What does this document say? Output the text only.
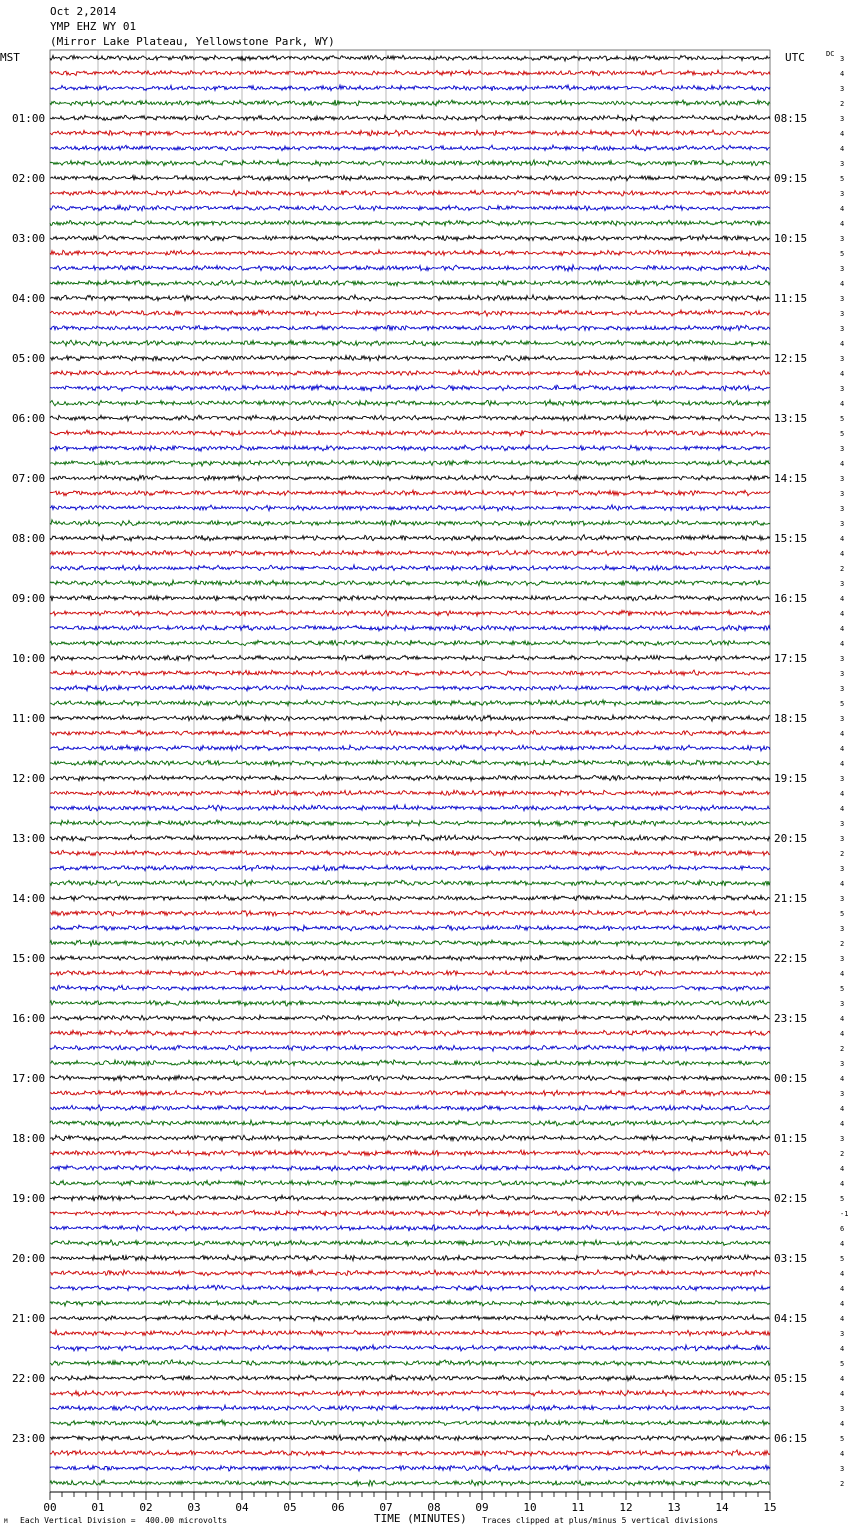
Oct 2,2014
YMP EHZ WY 01
(Mirror Lake Plateau, Yellowstone Park, WY)
MST	UTC	DC
00	01	02	03	04	05	06	07	08	09	10	11	12	13	14	15
3
4
3
2
3
4
4
3
5
3
4
4
3
5
3
4
3
3
3
4
3
4
3
4
5
5
3
4
3
3
3
3
4
4
2
3
4
4
4
4
3
3
3
5
3
4
4
4
3
4
4
3
3
2
3
4
3
5
3
2
3
4
5
3
4
4
2
3
4
3
4
4
3
2
4
4
5
-1
6
4
5
4
4
4
4
3
4
5
4
4
3
4
5
4
3
2
01:00
02:00
03:00
04:00
05:00
06:00
07:00
08:00
09:00
10:00
11:00
12:00
13:00
14:00
15:00
16:00
17:00
18:00
19:00
20:00
21:00
22:00
23:00
08:15
09:15
10:15
11:15
12:15
13:15
14:15
15:15
16:15
17:15
18:15
19:15
20:15
21:15
22:15
23:15
00:15
01:15
02:15
03:15
04:15
05:15
06:15
TIME (MINUTES)
M Each Vertical Division =  400.00 microvolts	Traces clipped at plus/minus 5 vertical divisions
